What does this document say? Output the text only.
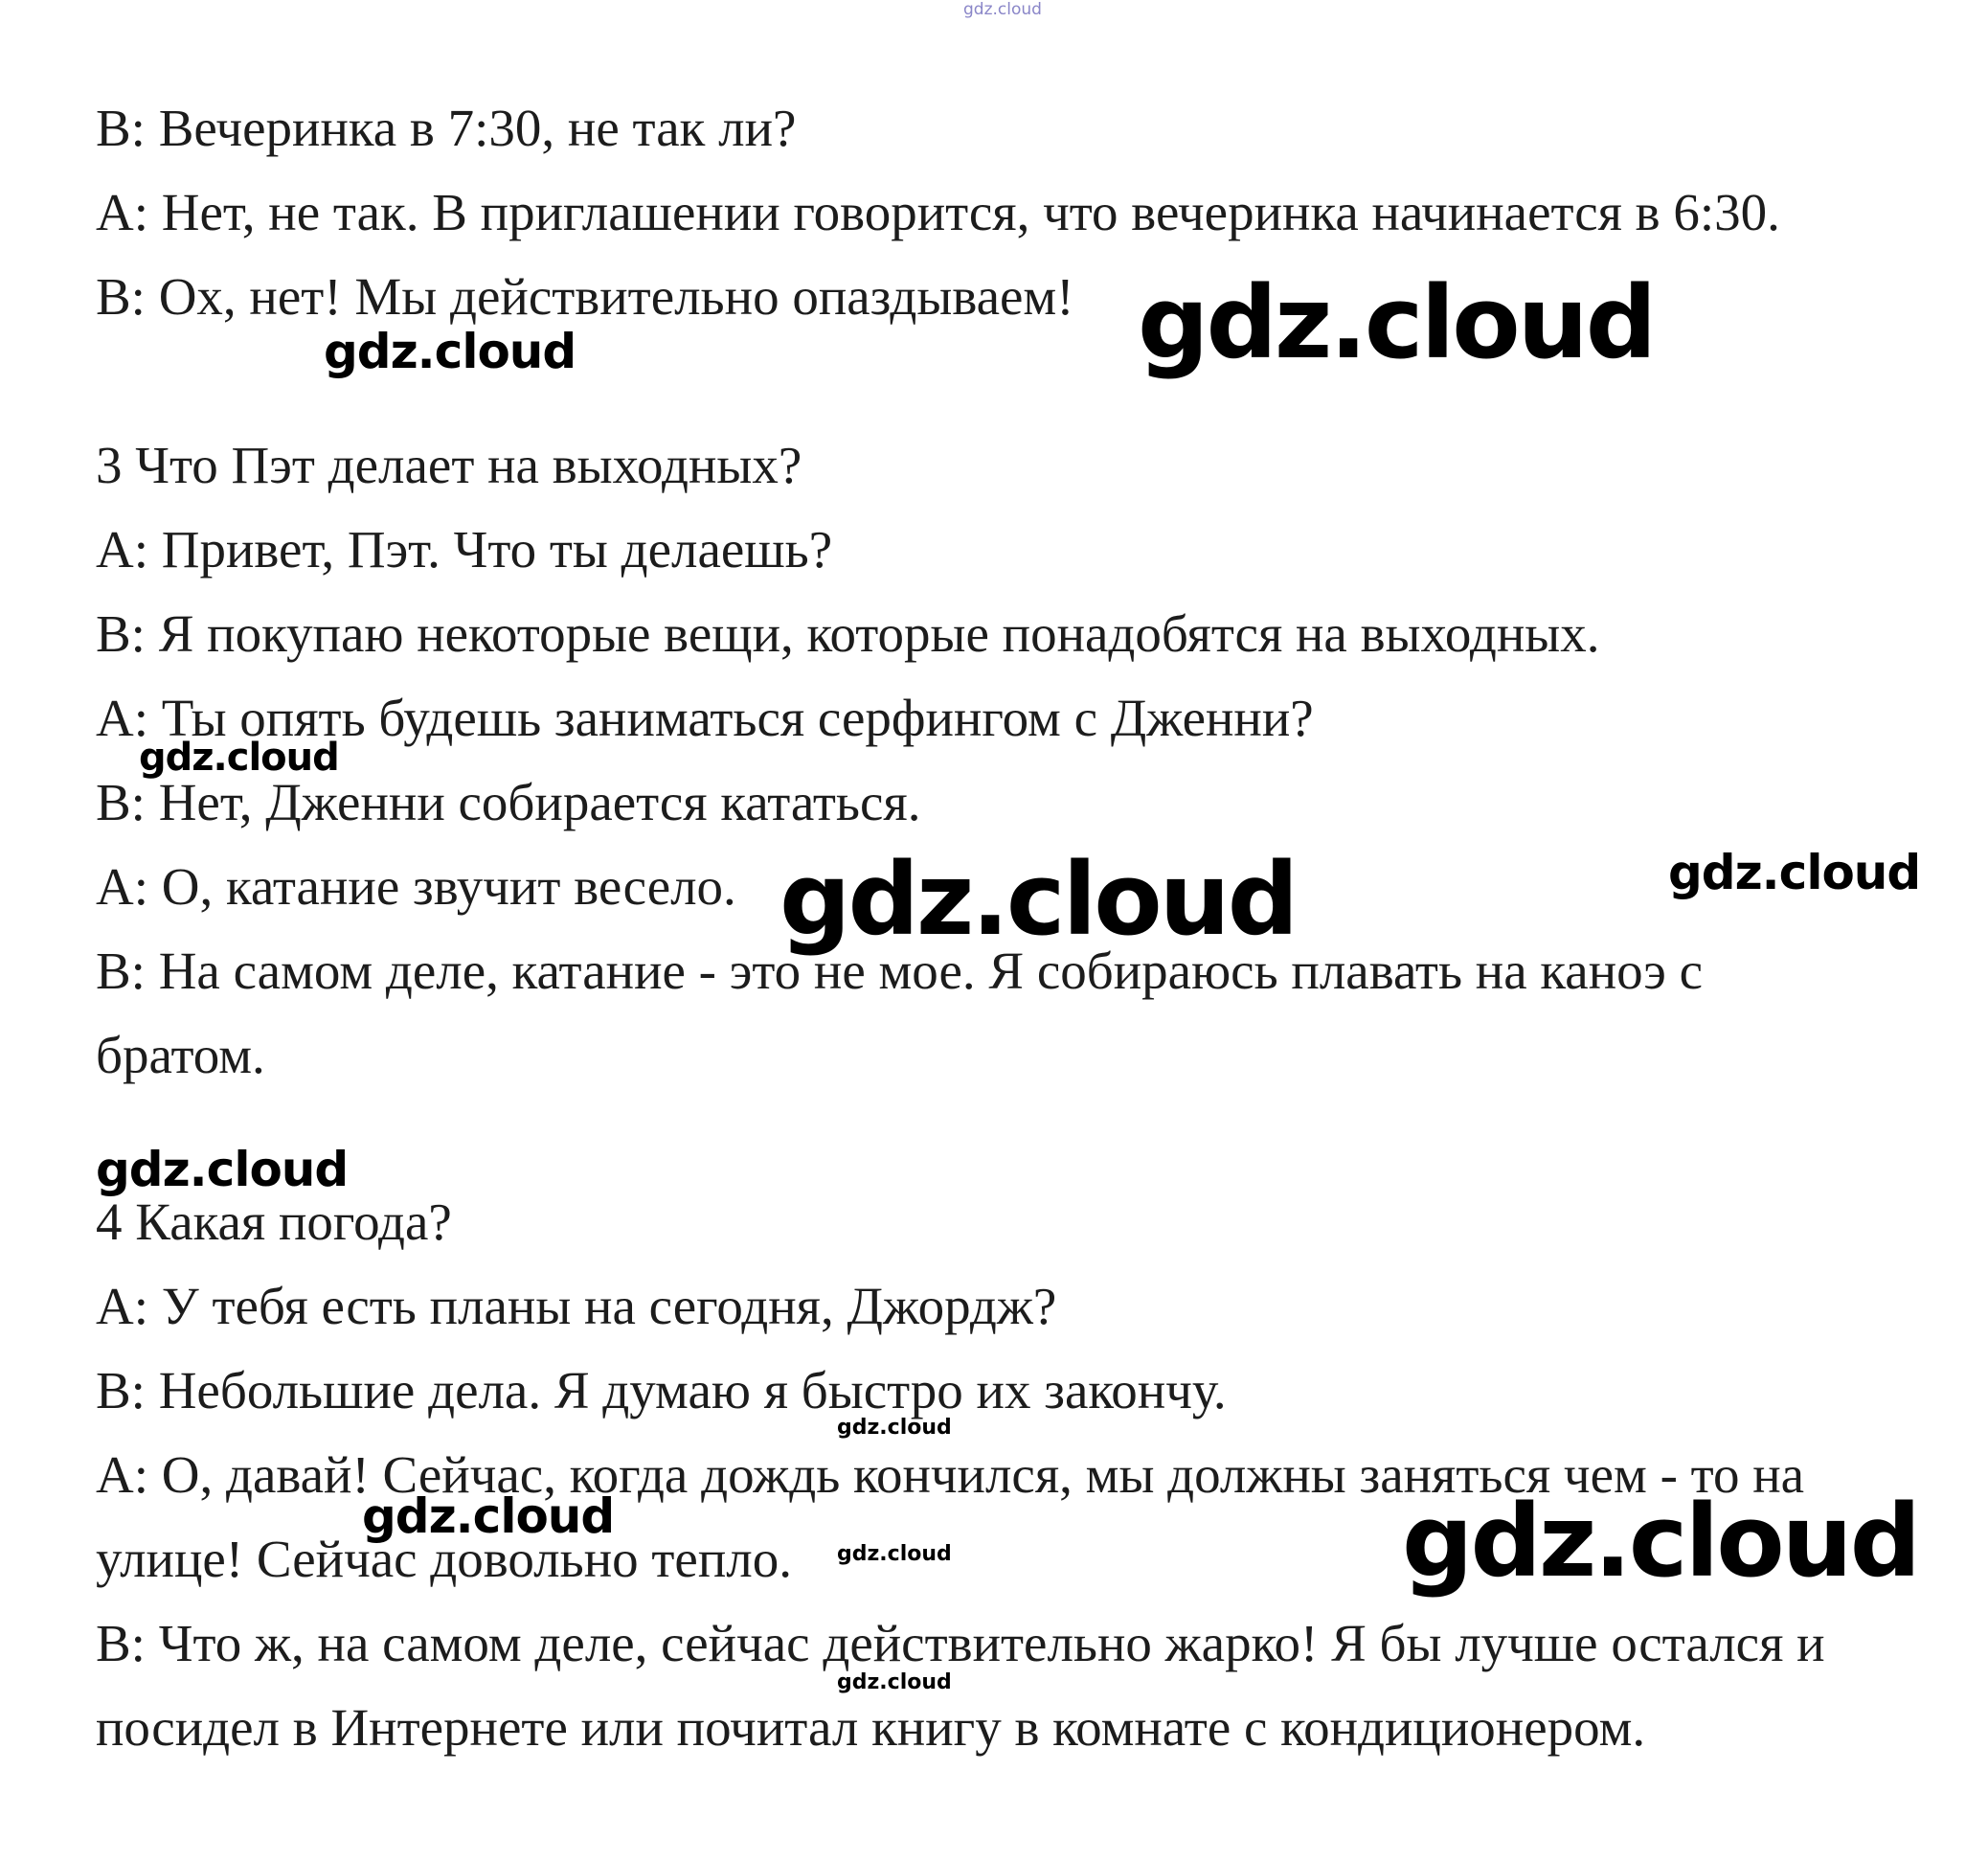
gdz.cloud

B: Вечеринка в 7:30, не так ли?

A: Нет, не так. В приглашении говорится, что вечеринка начинается в 6:30.

B: Ох, нет! Мы действительно опаздываем! gdz.cloud
gdz.cloud

3 Что Пэт делает на выходных?

A: Привет, Пэт. Что ты делаешь?

B: Я покупаю некоторые вещи, которые понадобятся на выходных.

A: Ты опять будешь заниматься серфингом с Дженни?

gdz.cloud

B: Нет, Дженни собирается кататься.

A: О, катание звучит весело. gdz.cloud	gdz.cloud

B: На самом деле, катание - это не мое. Я собираюсь плавать на каноэ с

братом.

gdz.cloud

4 Какая погода?

A: У тебя есть планы на сегодня, Джордж?

B: Небольшие дела. Я думаю я быстро их закончу.

gdz.cloud

A: О, давай! Сейчас, когда дождь кончился, мы должны заняться чем - то на

gdz.cloud	gdz.cloud

улице! Сейчас довольно тепло. gdz.cloud

B: Что ж, на самом деле, сейчас действительно жарко! Я бы лучше остался и

gdz.cloud

посидел в Интернете или почитал книгу в комнате с кондиционером.
